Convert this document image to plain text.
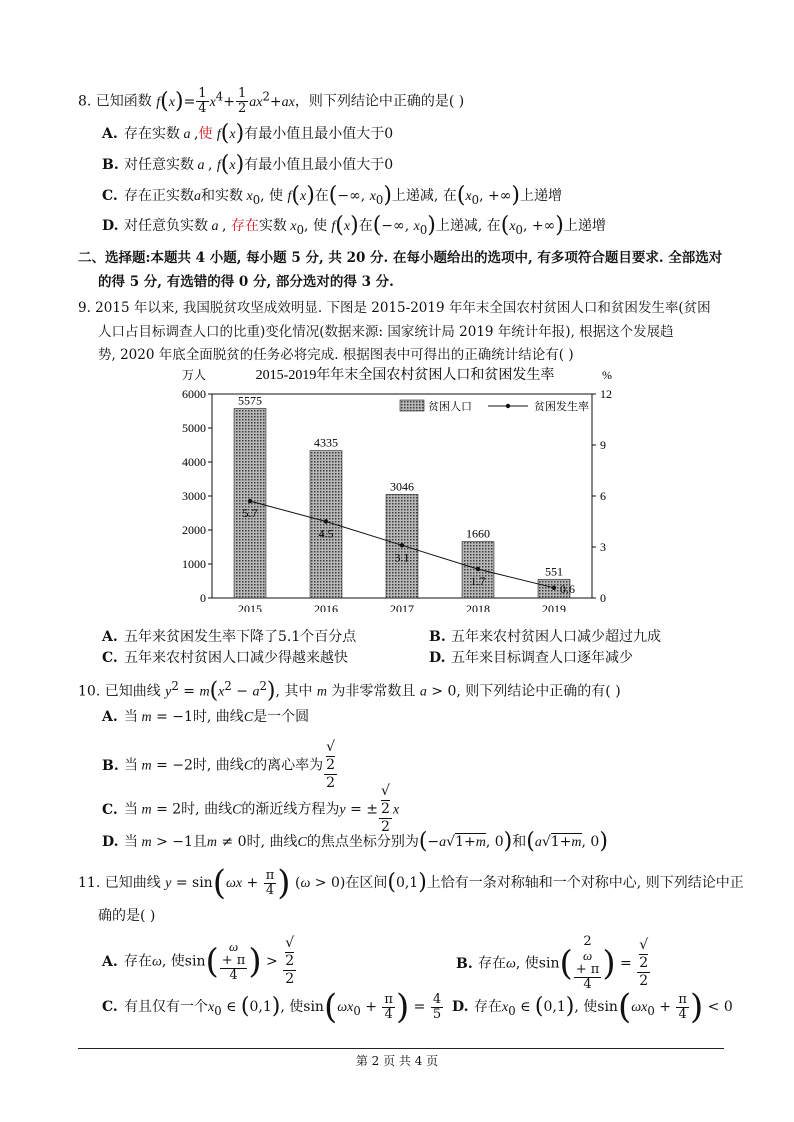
8. 已知函数 $f(x)= \frac{1}{4} x^4+ \frac{1}{2} ax^2+ax$，则下列结论中正确的是( )
A. 存在实数 a ,使 f(x)有最小值且最小值大于0
B. 对任意实数 a , f(x)有最小值且最小值大于0
C. 存在正实数a和实数 $x_0$, 使 f(x)在(−∞, $x_0$)上递减, 在($x_0$, +∞)上递增
D. 对任意负实数 a , 存在实数 $x_0$, 使 f(x)在(−∞, $x_0$)上递减, 在($x_0$, +∞)上递增
二、选择题:本题共 4 小题, 每小题 5 分, 共 20 分. 在每小题给出的选项中, 有多项符合题目要求. 全部选对
的得 5 分, 有选错的得 0 分, 部分选对的得 3 分.
9. 2015 年以来, 我国脱贫攻坚成效明显. 下图是 2015-2019 年年末全国农村贫困人口和贫困发生率(贫困
人口占目标调查人口的比重)变化情况(数据来源: 国家统计局 2019 年统计年报), 根据这个发展趋
势, 2020 年底全面脱贫的任务必将完成. 根据图表中可得出的正确统计结论有( )
2015-2019年年末全国农村贫困人口和贫困发生率
万人	%
0
1000
2000
3000
4000
5000
6000
0
3
6
9
12
5575
2015
4335
2016
3046
2017
1660
2018
551
2019
5.7
4.5
3.1
1.7
0.6
贫困人口	贫困发生率
A. 五年来贫困发生率下降了5.1个百分点	B. 五年来农村贫困人口减少超过九成
C. 五年来农村贫困人口减少得越来越快	D. 五年来目标调查人口逐年减少
10. 已知曲线 $y^2 = m(x^2 - a^2)$, 其中 m 为非零常数且 a > 0, 则下列结论中正确的有( )
A. 当 m = −1时, 曲线C是一个圆
B. 当 m = −2时, 曲线C的离心率为 √
2
2
C. 当 m = 2时, 曲线C的渐近线方程为y = ± √
2
2 x
D. 当 m > −1且m ≠ 0时, 曲线C的焦点坐标分别为(−a√1+m, 0)和(a√1+m, 0)
11. 已知曲线 $y = \sin(\omega x + \frac{\pi}{4}$ ) (ω > 0)在区间(0,1)上恰有一条对称轴和一个对称中心, 则下列结论中正
确的是( )
A. 存在ω, 使sin( ω
+ π
4 ) > √
2
2	B. 存在ω, 使sin( 2
ω
+ π
4 ) = √
2
2
C. 有且仅有一个$x_0$ ∈ (0,1), 使$\sin(\omega x_0 + \frac{\pi}{4}$ ) = $\frac{4}{5} D$. 存在$x_0$ ∈ (0,1), 使$\sin(\omega x_0 + \frac{\pi}{4}$ ) < 0
第 2 页 共 4 页
